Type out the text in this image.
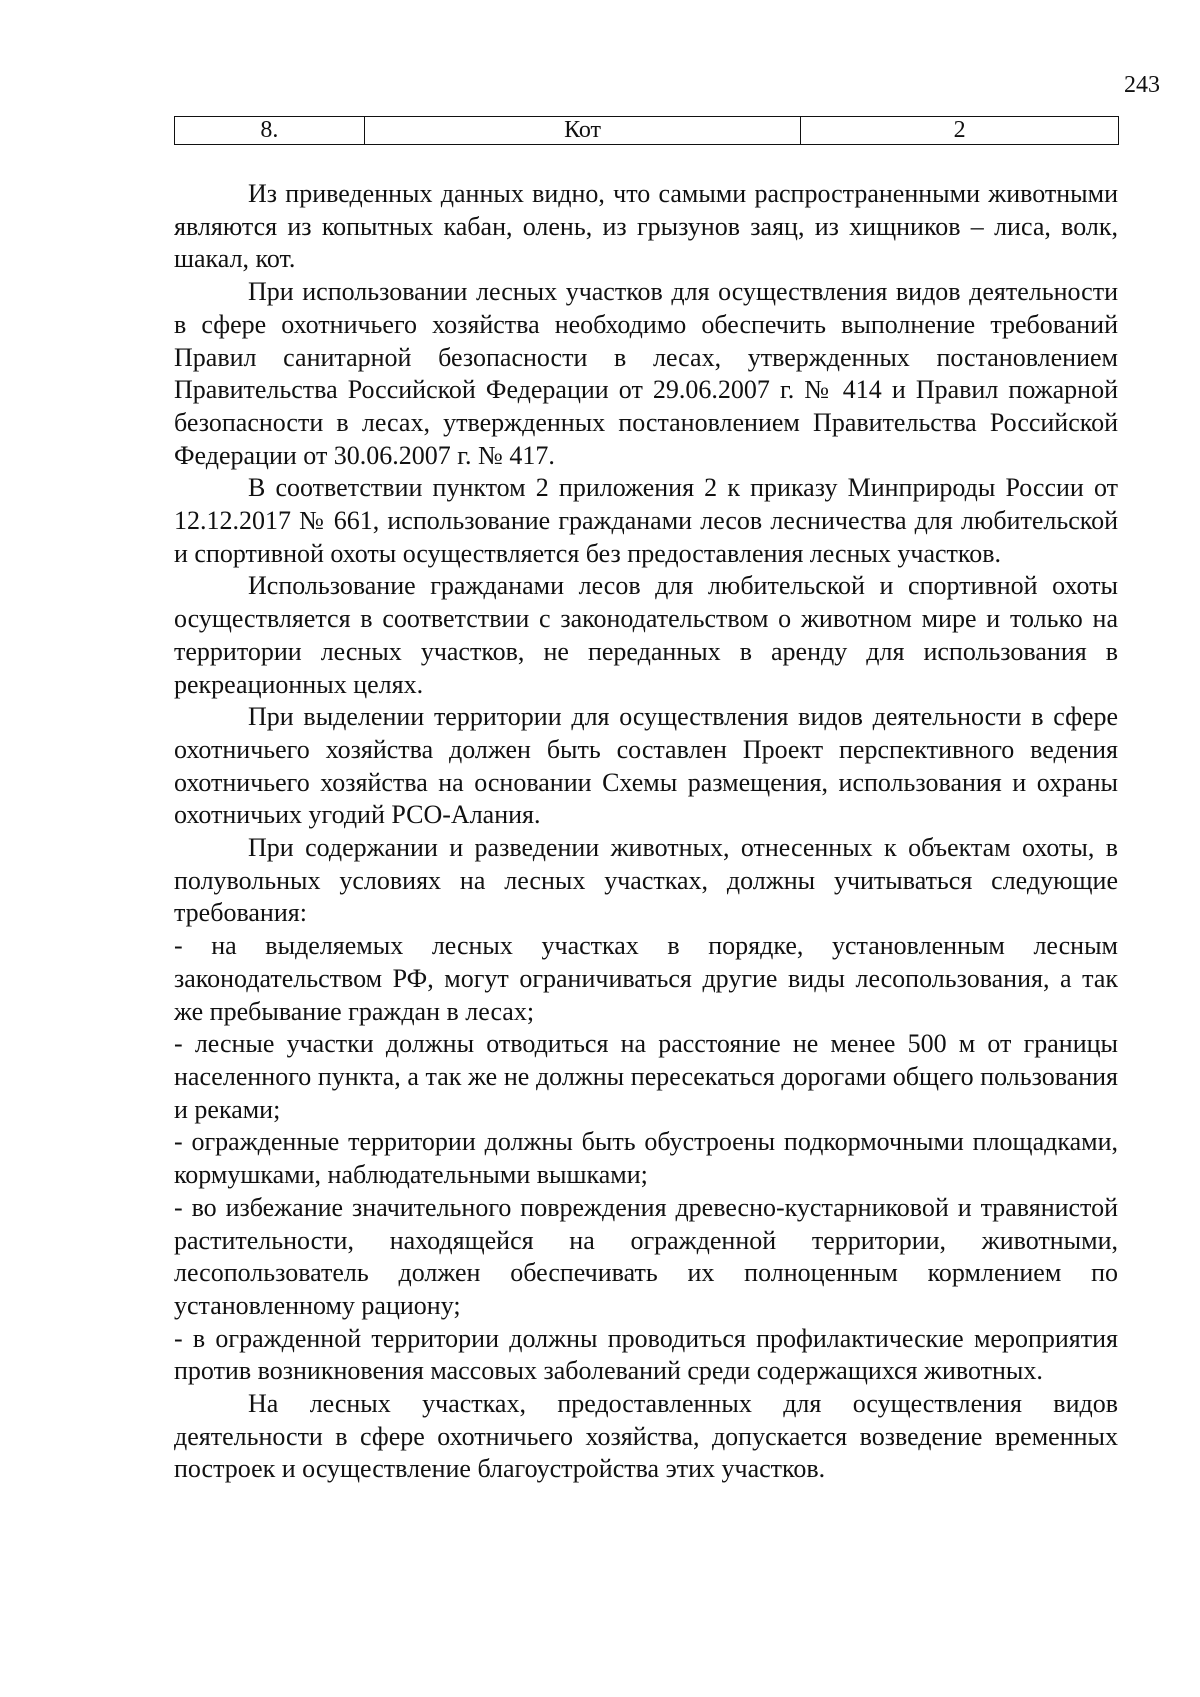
243
8.	Кот	2

Из приведенных данных видно, что самыми распространенными животными являются из копытных кабан, олень, из грызунов заяц, из хищников – лиса, волк, шакал, кот.

При использовании лесных участков для осуществления видов деятельности в сфере охотничьего хозяйства необходимо обеспечить выполнение требований Правил санитарной безопасности в лесах, утвержденных постановлением Правительства Российской Федерации от 29.06.2007 г. № 414 и Правил пожарной безопасности в лесах, утвержденных постановлением Правительства Российской Федерации от 30.06.2007 г. № 417.

В соответствии пунктом 2 приложения 2 к приказу Минприроды России от 12.12.2017 № 661, использование гражданами лесов лесничества для любительской и спортивной охоты осуществляется без предоставления лесных участков.

Использование гражданами лесов для любительской и спортивной охоты осуществляется в соответствии с законодательством о животном мире и только на территории лесных участков, не переданных в аренду для использования в рекреационных целях.

При выделении территории для осуществления видов деятельности в сфере охотничьего хозяйства должен быть составлен Проект перспективного ведения охотничьего хозяйства на основании Схемы размещения, использования и охраны охотничьих угодий РСО-Алания.

При содержании и разведении животных, отнесенных к объектам охоты, в полувольных условиях на лесных участках, должны учитываться следующие требования:

- на выделяемых лесных участках в порядке, установленным лесным законодательством РФ, могут ограничиваться другие виды лесопользования, а так же пребывание граждан в лесах;

- лесные участки должны отводиться на расстояние не менее 500 м от границы населенного пункта, а так же не должны пересекаться дорогами общего пользования и реками;

- огражденные территории должны быть обустроены подкормочными площадками, кормушками, наблюдательными вышками;

- во избежание значительного повреждения древесно-кустарниковой и травянистой растительности, находящейся на огражденной территории, животными, лесопользователь должен обеспечивать их полноценным кормлением по установленному рациону;

- в огражденной территории должны проводиться профилактические мероприятия против возникновения массовых заболеваний среди содержащихся животных.

На лесных участках, предоставленных для осуществления видов деятельности в сфере охотничьего хозяйства, допускается возведение временных построек и осуществление благоустройства этих участков.
